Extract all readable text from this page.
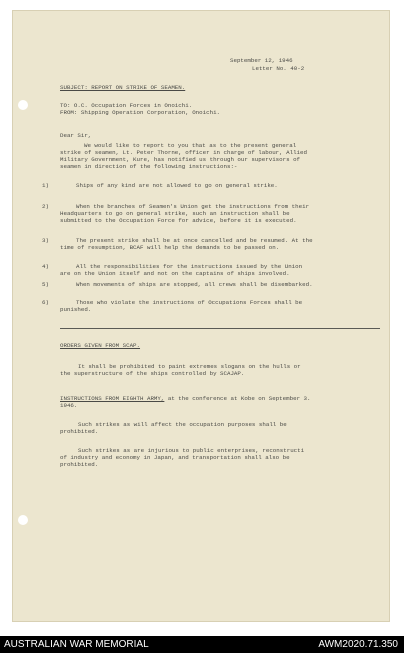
September 12, 1946
Letter No. 40-2
SUBJECT: REPORT ON STRIKE OF SEAMEN.
TO: O.C. Occupation Forces in Onoichi.
FROM: Shipping Operation Corporation, Onoichi.
Dear Sir,
We would like to report to you that as to the present general
strike of seamen, Lt. Peter Thorne, officer in charge of labour, Allied
Military Government, Kure, has notified us through our supervisors of
seamen in direction of the following instructions:-
1)	Ships of any kind are not allowed to go on general strike.
2)	When the branches of Seamen's Union get the instructions from their
Headquarters to go on general strike, such an instruction shall be
submitted to the Occupation Force for advice, before it is executed.
3)	The present strike shall be at once cancelled and be resumed. At the
time of resumption, BCAF will help the demands to be passed on.
4)	All the responsibilities for the instructions issued by the Union
are on the Union itself and not on the captains of ships involved.
5)	When movements of ships are stopped, all crews shall be disembarked.
6)	Those who violate the instructions of Occupations Forces shall be
punished.
ORDERS GIVEN FROM SCAP.
It shall be prohibited to paint extremes slogans on the hulls or
the superstructure of the ships controlled by SCAJAP.
INSTRUCTIONS FROM EIGHTH ARMY, at the conference at Kobe on September 3.
1946.
Such strikes as will affect the occupation purposes shall be
prohibited.
Such strikes as are injurious to public enterprises, reconstructi
of industry and economy in Japan, and transportation shall also be
prohibited.
AUSTRALIAN WAR MEMORIAL	AWM2020.71.350
